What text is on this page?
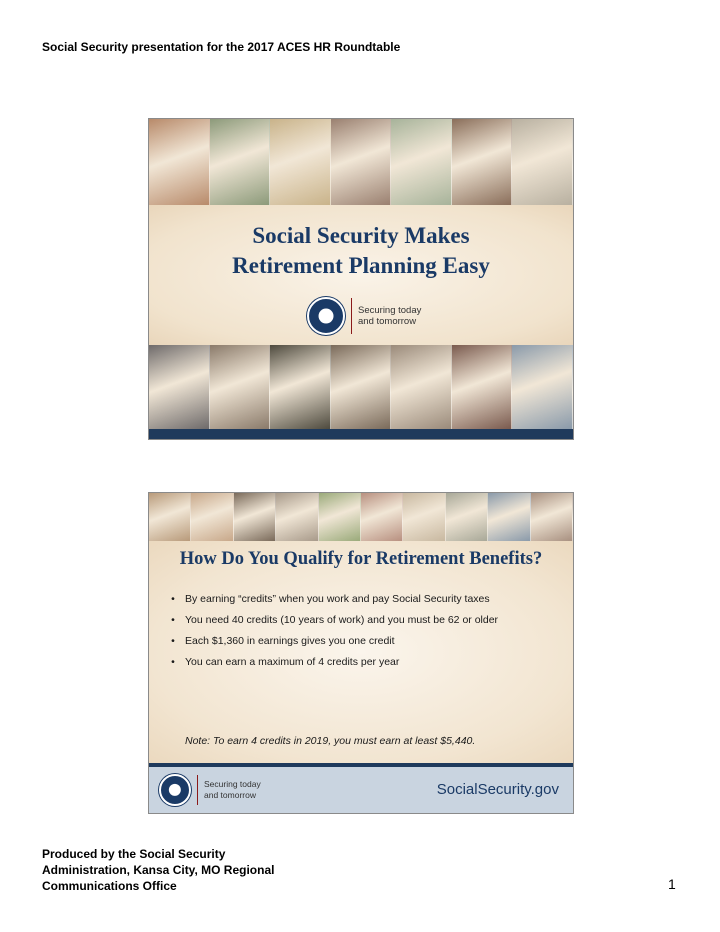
Social Security presentation for the 2017 ACES HR Roundtable
Social Security Makes
Retirement Planning Easy
Securing today
and tomorrow
How Do You Qualify for Retirement Benefits?
• By earning “credits” when you work and pay Social Security taxes
• You need 40 credits (10 years of work) and you must be 62 or older
• Each $1,360 in earnings gives you one credit
• You can earn a maximum of 4 credits per year
Note: To earn 4 credits in 2019, you must earn at least $5,440.
Securing today
and tomorrow	SocialSecurity.gov
Produced by the Social Security
Administration, Kansa City, MO Regional
Communications Office	1
